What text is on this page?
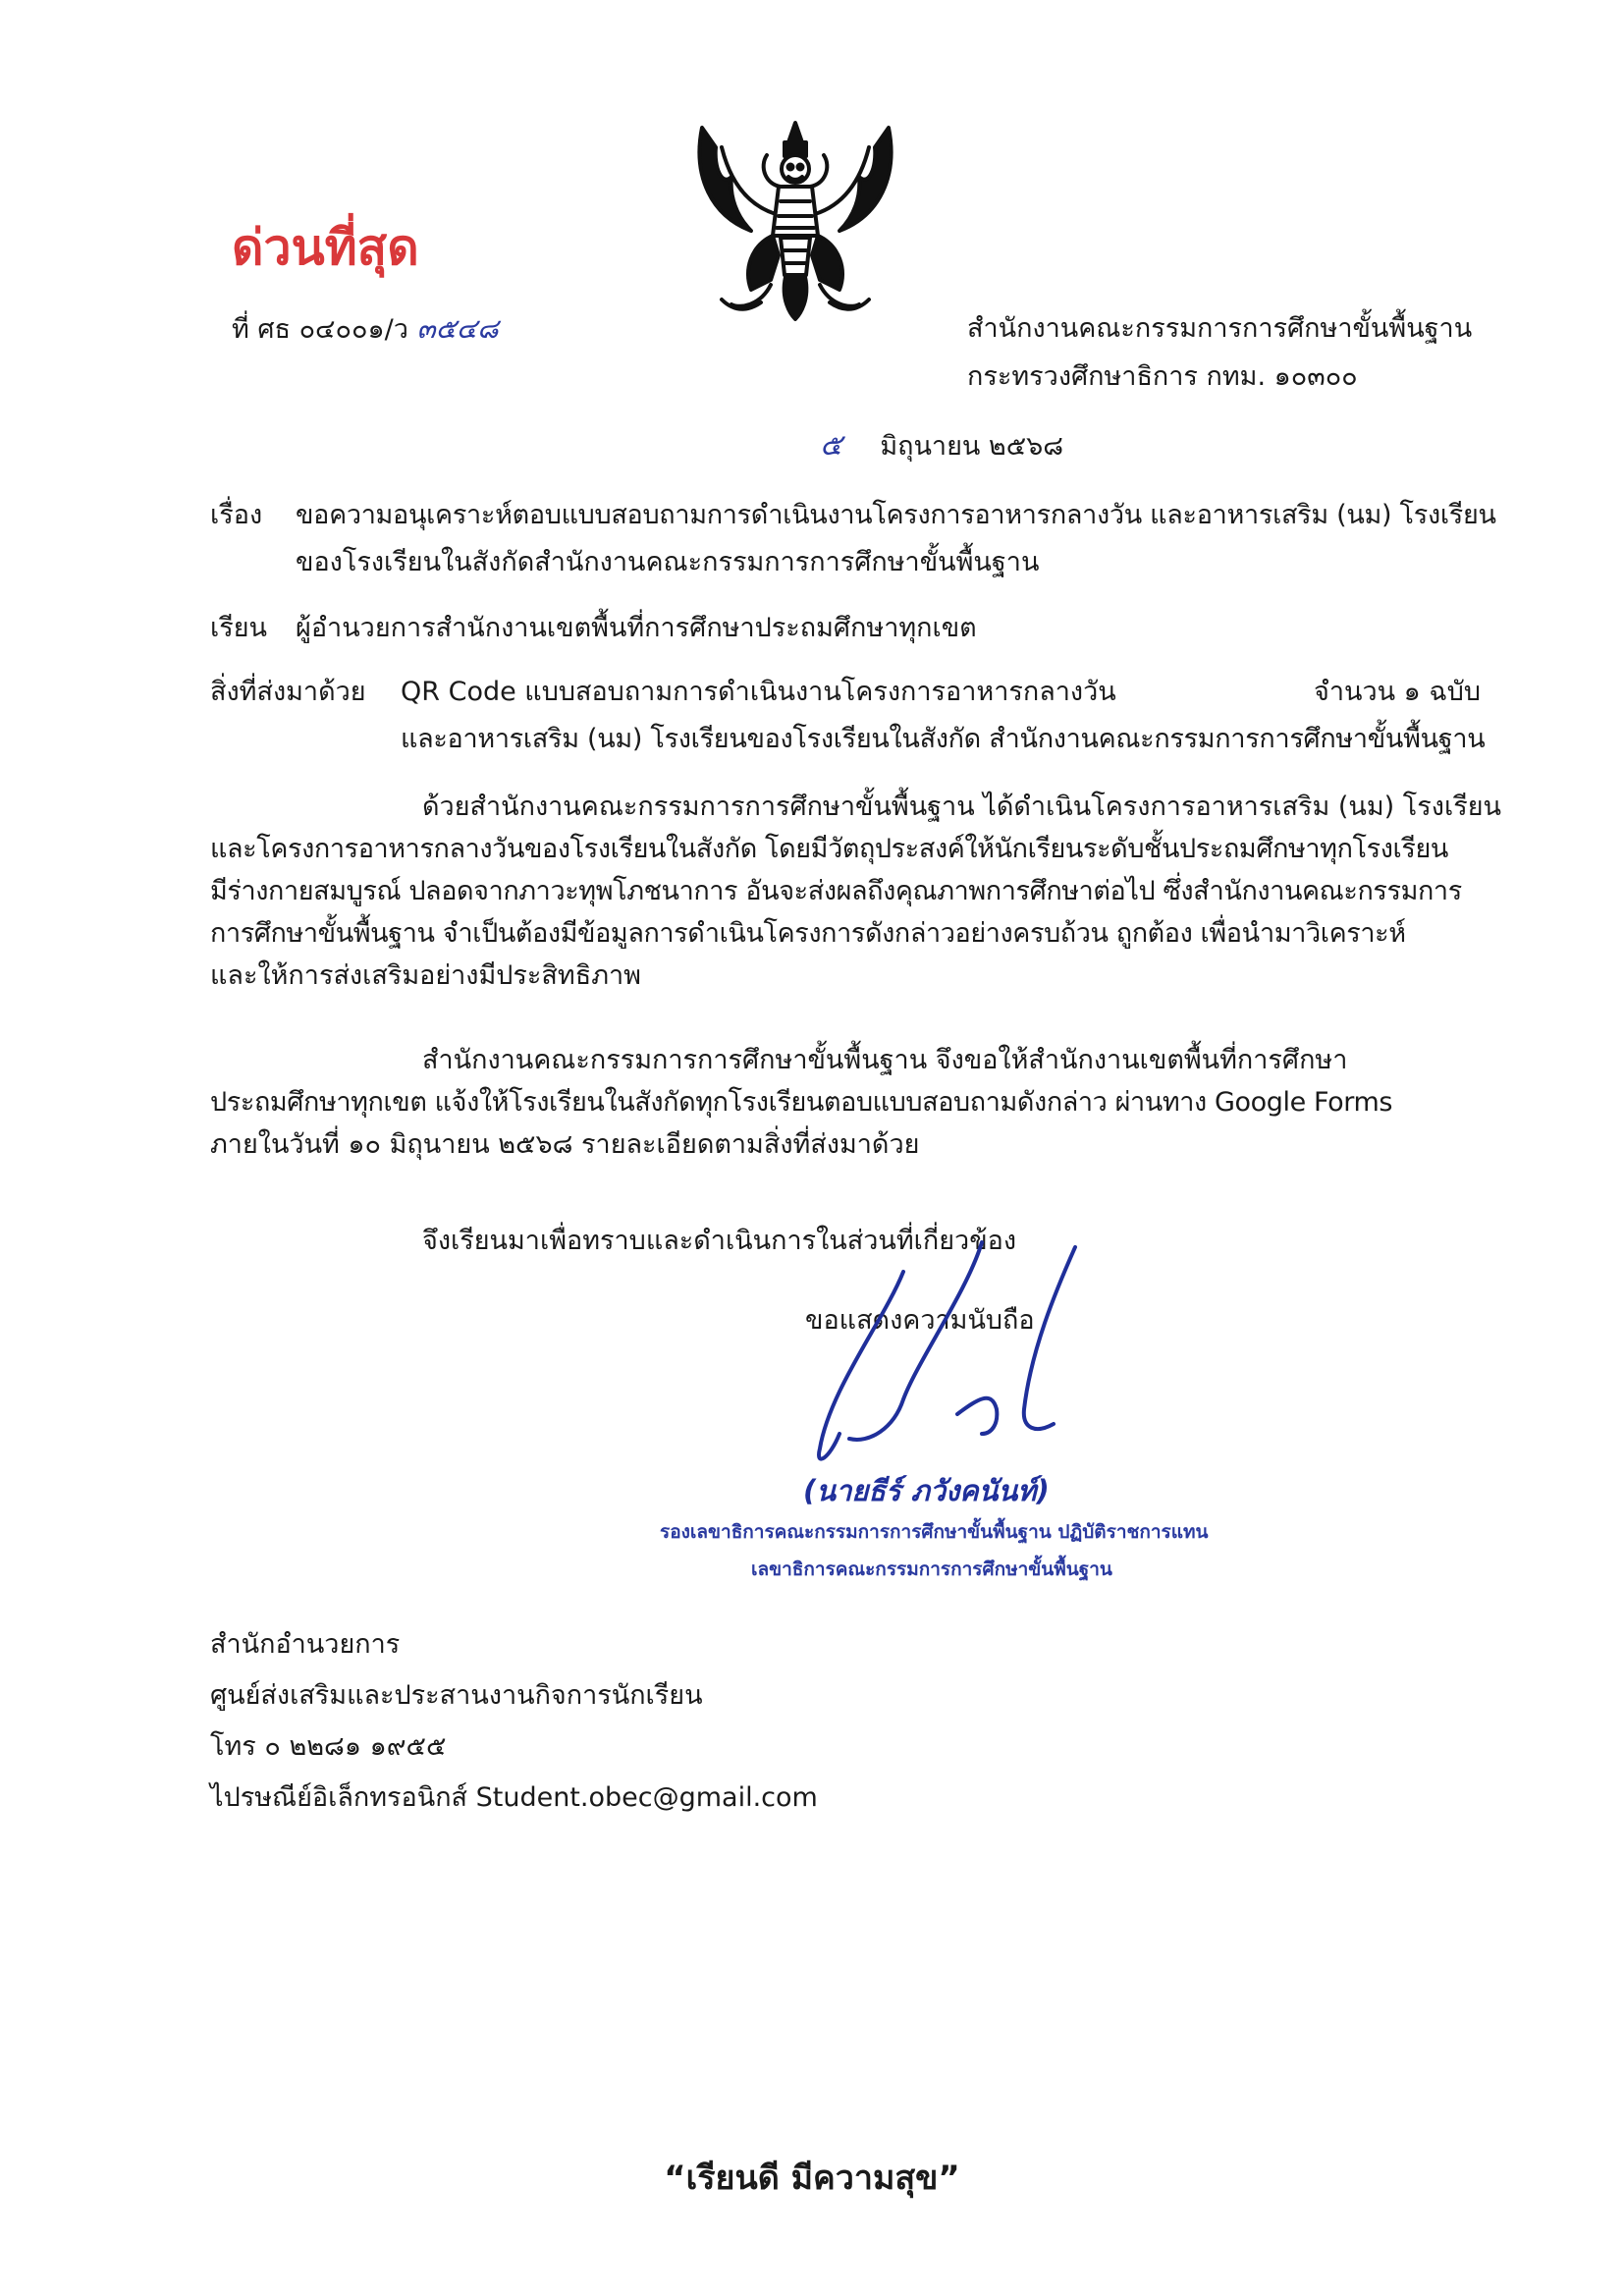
ด่วนที่สุด
ที่ ศธ ๐๔๐๐๑/ว ๓๕๔๘	สำนักงานคณะกรรมการการศึกษาขั้นพื้นฐาน
กระทรวงศึกษาธิการ กทม. ๑๐๓๐๐
๕ มิถุนายน ๒๕๖๘
เรื่อง ขอความอนุเคราะห์ตอบแบบสอบถามการดำเนินงานโครงการอาหารกลางวัน และอาหารเสริม (นม) โรงเรียน
ของโรงเรียนในสังกัดสำนักงานคณะกรรมการการศึกษาขั้นพื้นฐาน
เรียน ผู้อำนวยการสำนักงานเขตพื้นที่การศึกษาประถมศึกษาทุกเขต
สิ่งที่ส่งมาด้วย QR Code แบบสอบถามการดำเนินงานโครงการอาหารกลางวัน	จำนวน ๑ ฉบับ
และอาหารเสริม (นม) โรงเรียนของโรงเรียนในสังกัด สำนักงานคณะกรรมการการศึกษาขั้นพื้นฐาน
ด้วยสำนักงานคณะกรรมการการศึกษาขั้นพื้นฐาน ได้ดำเนินโครงการอาหารเสริม (นม) โรงเรียน
และโครงการอาหารกลางวันของโรงเรียนในสังกัด โดยมีวัตถุประสงค์ให้นักเรียนระดับชั้นประถมศึกษาทุกโรงเรียน
มีร่างกายสมบูรณ์ ปลอดจากภาวะทุพโภชนาการ อันจะส่งผลถึงคุณภาพการศึกษาต่อไป ซึ่งสำนักงานคณะกรรมการ
การศึกษาขั้นพื้นฐาน จำเป็นต้องมีข้อมูลการดำเนินโครงการดังกล่าวอย่างครบถ้วน ถูกต้อง เพื่อนำมาวิเคราะห์
และให้การส่งเสริมอย่างมีประสิทธิภาพ
สำนักงานคณะกรรมการการศึกษาขั้นพื้นฐาน จึงขอให้สำนักงานเขตพื้นที่การศึกษา
ประถมศึกษาทุกเขต แจ้งให้โรงเรียนในสังกัดทุกโรงเรียนตอบแบบสอบถามดังกล่าว ผ่านทาง Google Forms
ภายในวันที่ ๑๐ มิถุนายน ๒๕๖๘ รายละเอียดตามสิ่งที่ส่งมาด้วย
จึงเรียนมาเพื่อทราบและดำเนินการในส่วนที่เกี่ยวข้อง
ขอแสดงความนับถือ
(นายธีร์ ภวังคนันท์)
รองเลขาธิการคณะกรรมการการศึกษาขั้นพื้นฐาน ปฏิบัติราชการแทน
เลขาธิการคณะกรรมการการศึกษาขั้นพื้นฐาน
สำนักอำนวยการ
ศูนย์ส่งเสริมและประสานงานกิจการนักเรียน
โทร ๐ ๒๒๘๑ ๑๙๕๕
ไปรษณีย์อิเล็กทรอนิกส์ Student.obec@gmail.com
“เรียนดี มีความสุข”
